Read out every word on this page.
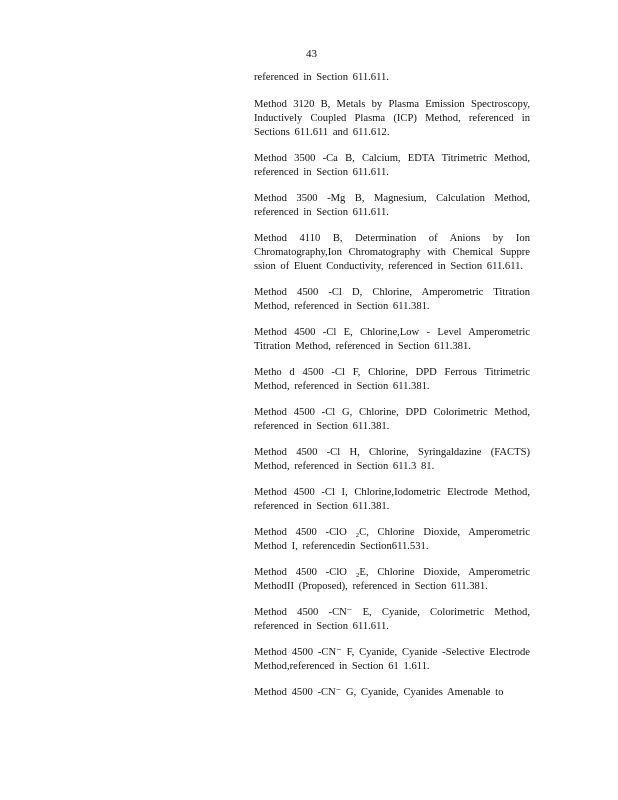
43

referenced in Section 611.611.

Method 3120 B, Metals by Plasma Emission Spectroscopy, Inductively Coupled Plasma (ICP) Method, referenced in Sections 611.611 and 611.612.

Method 3500 -Ca B, Calcium, EDTA Titrimetric Method, referenced in Section 611.611.

Method 3500 -Mg B, Magnesium, Calculation Method, referenced in Section 611.611.

Method 4110 B, Determination of Anions by Ion Chromatography,Ion Chromatography with Chemical Suppre ssion of Eluent Conductivity, referenced in Section 611.611.

Method 4500 -Cl D, Chlorine, Amperometric Titration Method, referenced in Section 611.381.

Method 4500 -Cl E, Chlorine,Low - Level Amperometric Titration Method, referenced in Section 611.381.

Metho d 4500 -Cl F, Chlorine, DPD Ferrous Titrimetric Method, referenced in Section 611.381.

Method 4500 -Cl G, Chlorine, DPD Colorimetric Method, referenced in Section 611.381.

Method 4500 -Cl H, Chlorine, Syringaldazine (FACTS) Method, referenced in Section 611.3 81.

Method 4500 -Cl I, Chlorine,Iodometric Electrode Method, referenced in Section 611.381.

Method 4500 -ClO ₂C, Chlorine Dioxide, Amperometric Method I, referencedin Section611.531.

Method 4500 -ClO ₂E, Chlorine Dioxide, Amperometric MethodII (Proposed), referenced in Section 611.381.

Method 4500 -CN⁻ E, Cyanide, Colorimetric Method, referenced in Section 611.611.

Method 4500 -CN⁻ F, Cyanide, Cyanide -Selective Electrode Method,referenced in Section 61 1.611.

Method 4500 -CN⁻ G, Cyanide, Cyanides Amenable to
